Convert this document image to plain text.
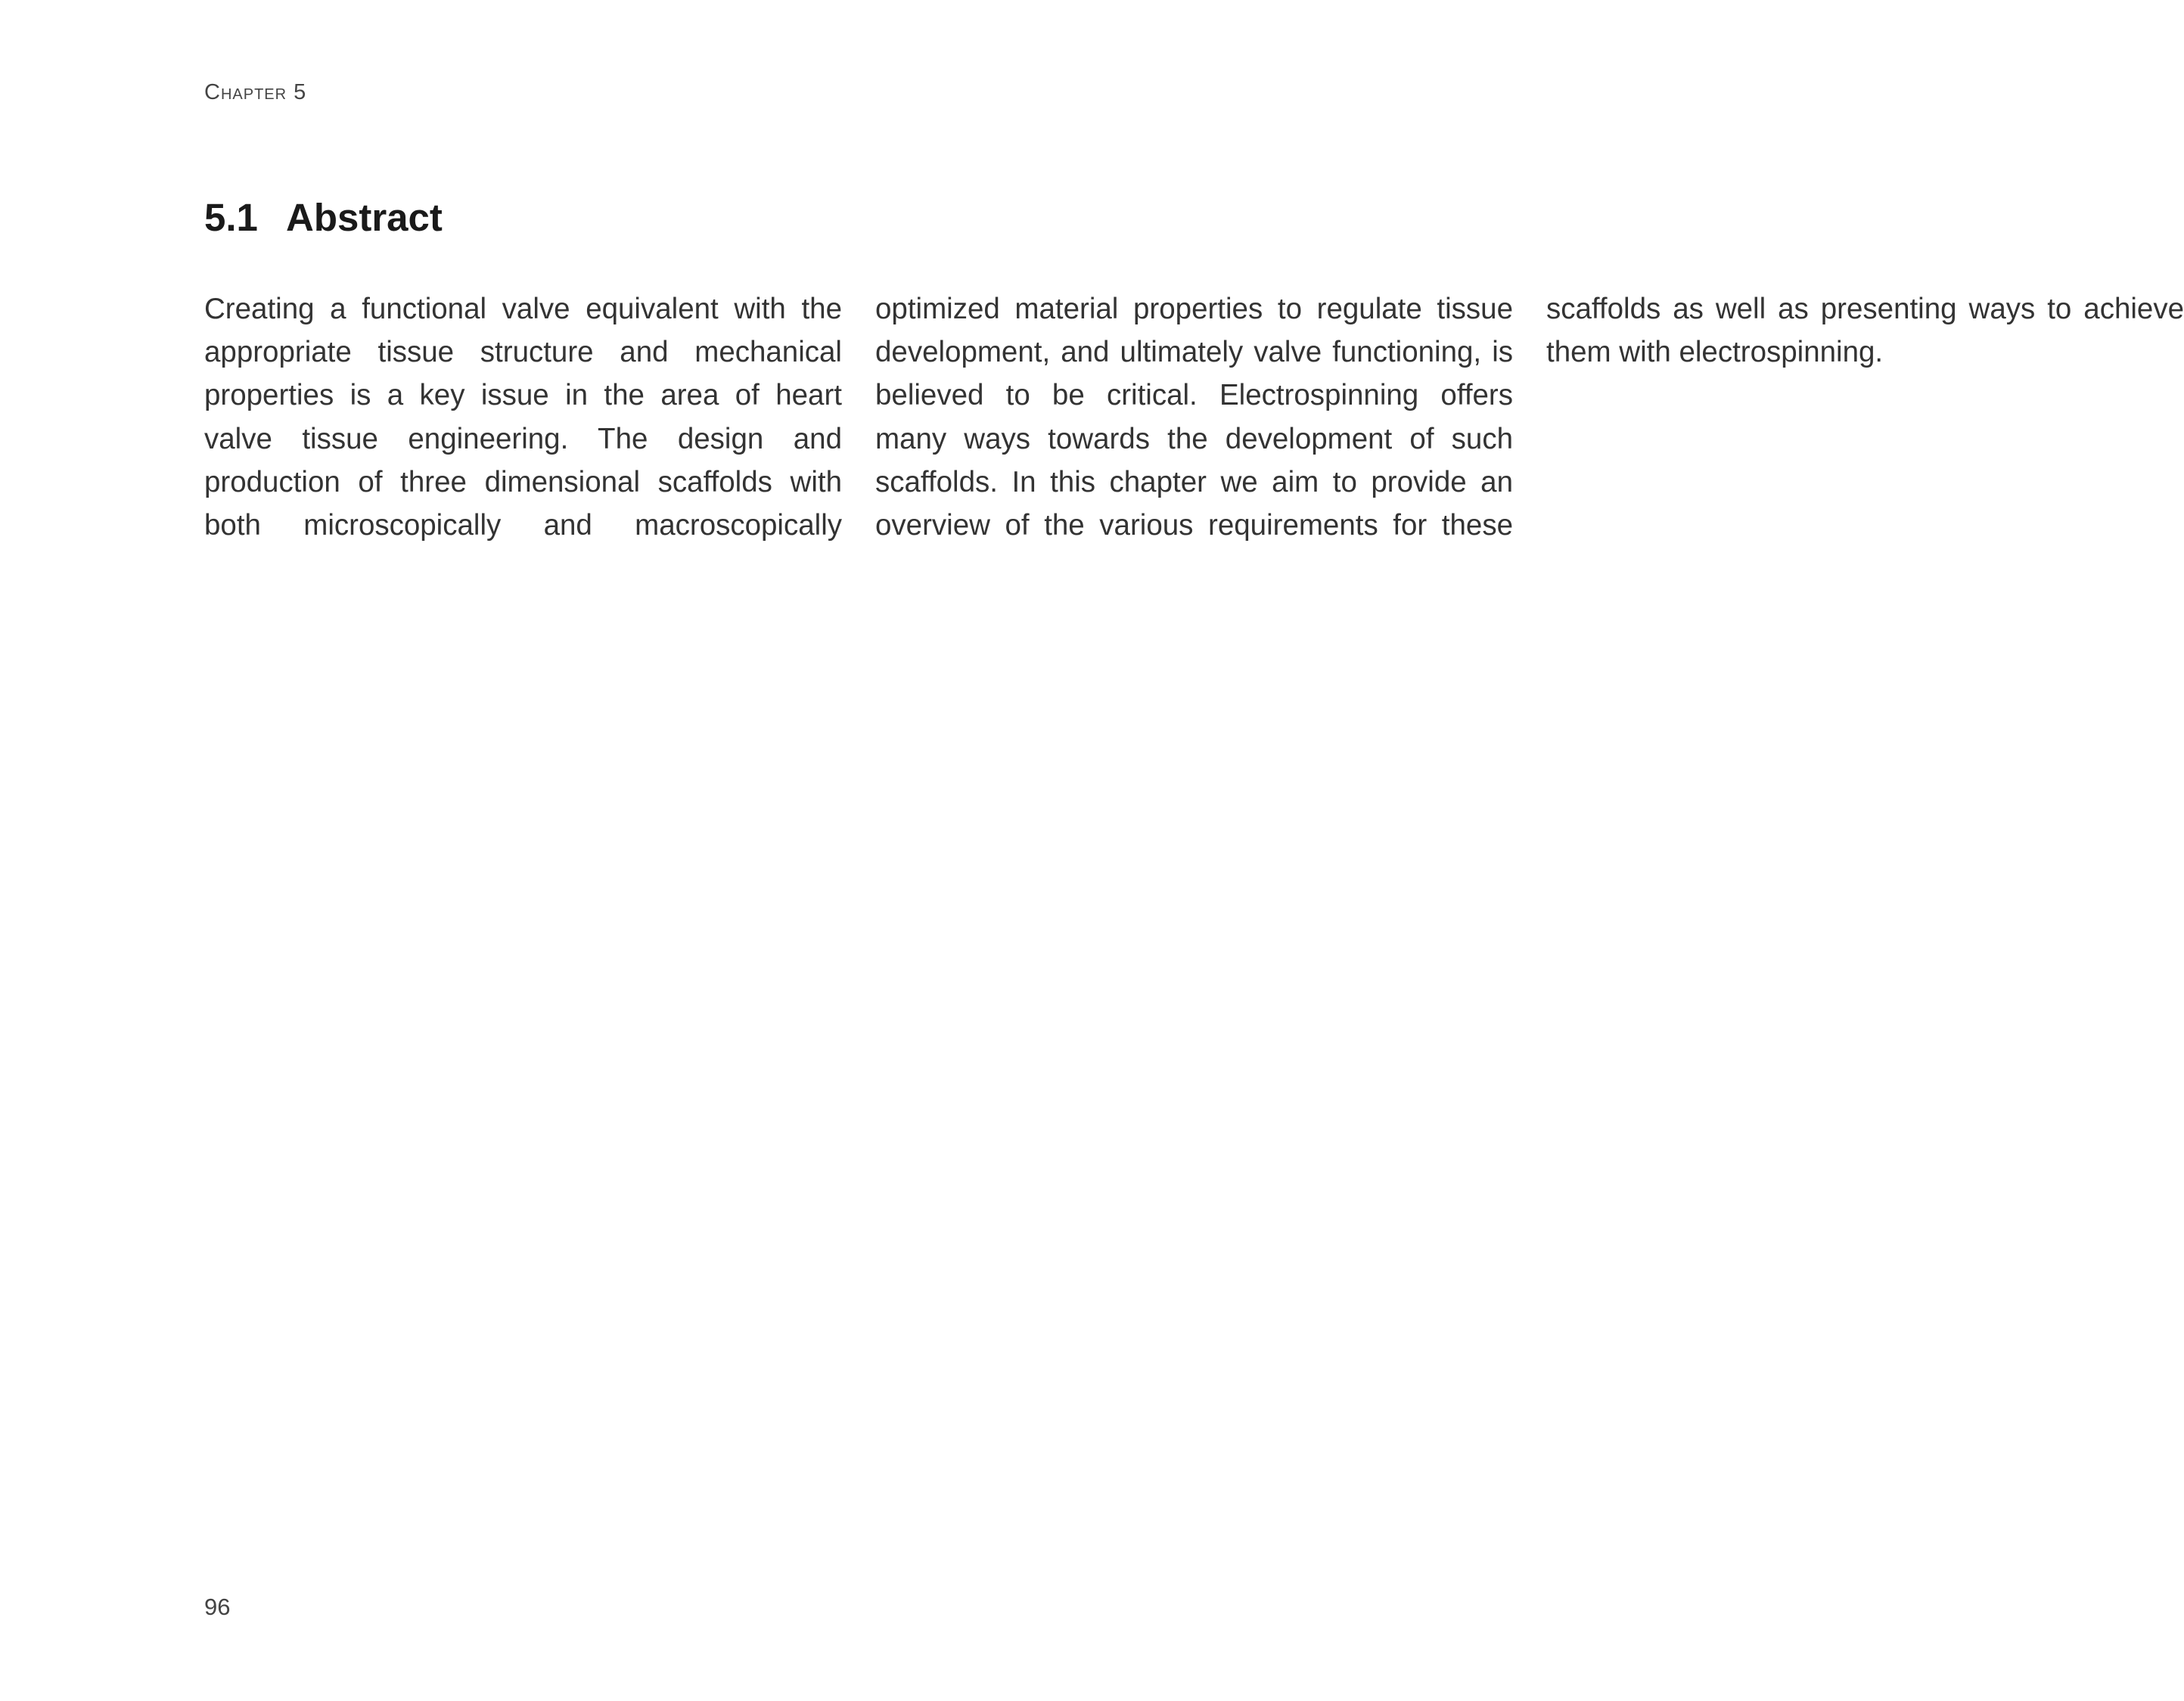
Chapter 5
5.1 Abstract

Creating a functional valve equivalent with the appropriate tissue structure and mechanical properties is a key issue in the area of heart valve tissue engineering. The design and production of three dimensional scaffolds with both microscopically and macroscopically optimized material properties to regulate tissue development, and ultimately valve functioning, is believed to be critical. Electrospinning offers many ways towards the development of such scaffolds. In this chapter we aim to provide an overview of the various requirements for these scaffolds as well as presenting ways to achieve them with electrospinning.

96
